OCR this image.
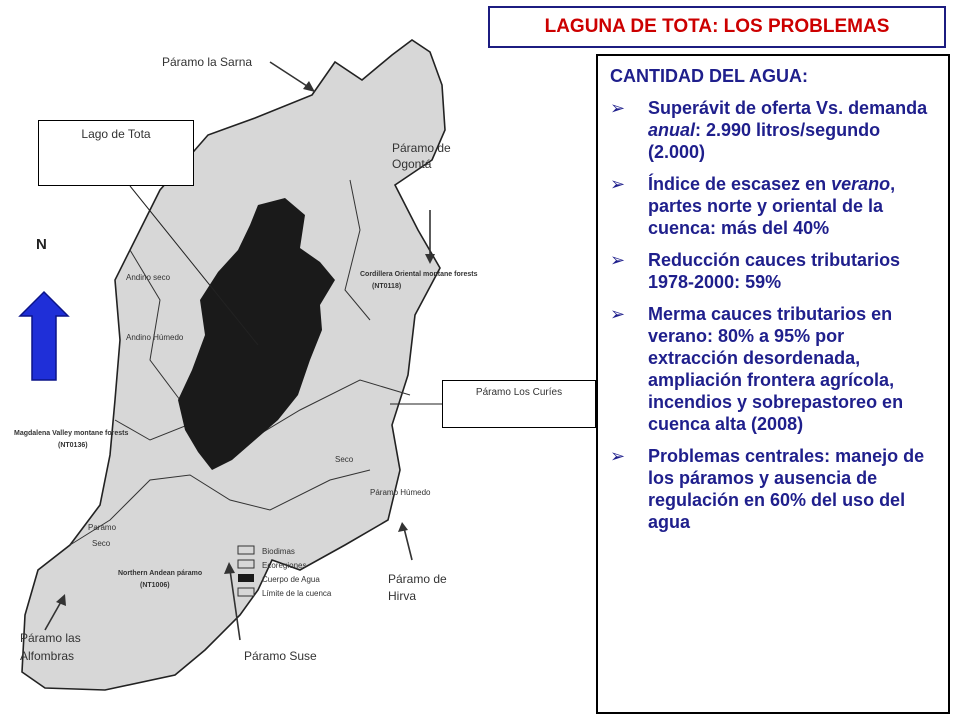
Biodimas
Ecoregiones
Cuerpo de Agua
Límite de la cuenca
Páramo la Sarna
Páramo de
Ogontá
Andino seco
Andino Húmedo
Cordillera Oriental montane forests
(NT0118)
Magdalena Valley montane forests
(NT0136)
Paramo
Seco
Páramo Húmedo
Seco
Northern Andean páramo
(NT1006)	Páramo de
Hirva
Páramo las
Alfombras	Páramo Suse
N
Lago de Tota
Páramo Los Curíes
LAGUNA DE TOTA: LOS PROBLEMAS
CANTIDAD DEL AGUA:
➢ Superávit de oferta Vs. demanda anual: 2.990 litros/segundo (2.000)
➢ Índice de escasez en verano, partes norte y oriental de la cuenca: más del 40%
➢ Reducción cauces tributarios 1978-2000: 59%
➢ Merma cauces tributarios en verano: 80% a 95% por extracción desordenada, ampliación frontera agrícola, incendios y sobrepastoreo en cuenca alta (2008)
➢ Problemas centrales: manejo de los páramos y ausencia de regulación en 60% del uso del agua
